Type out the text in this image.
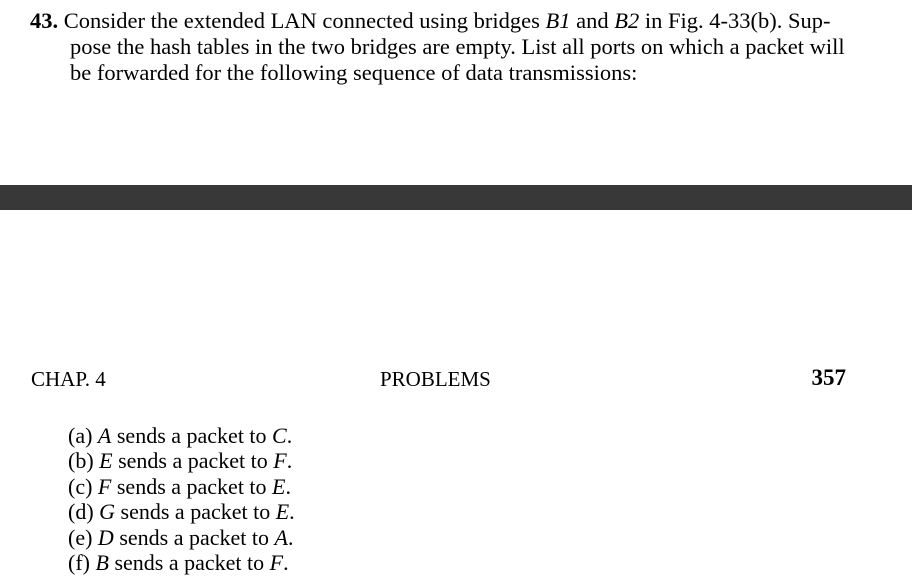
43. Consider the extended LAN connected using bridges B1 and B2 in Fig. 4-33(b). Sup-
pose the hash tables in the two bridges are empty. List all ports on which a packet will
be forwarded for the following sequence of data transmissions:
CHAP. 4	PROBLEMS	357
(a) A sends a packet to C.
(b) E sends a packet to F.
(c) F sends a packet to E.
(d) G sends a packet to E.
(e) D sends a packet to A.
(f) B sends a packet to F.
